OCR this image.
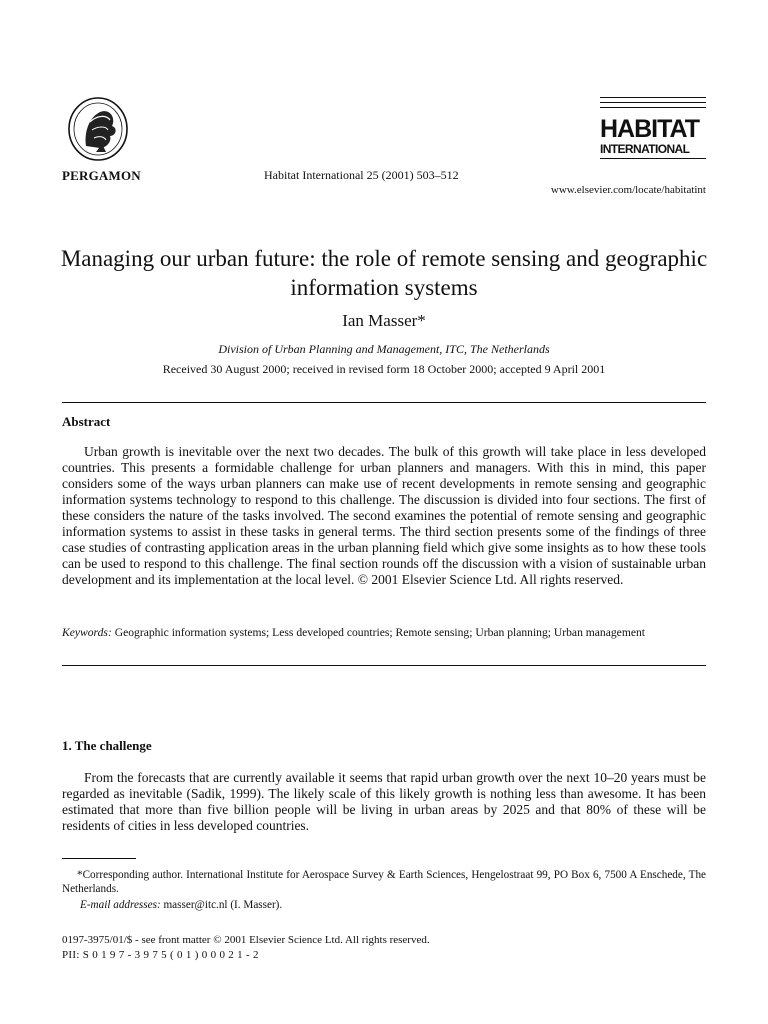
PERGAMON	Habitat International 25 (2001) 503–512
HABITAT
INTERNATIONAL
www.elsevier.com/locate/habitatint
Managing our urban future: the role of remote sensing and geographic information systems
Ian Masser*
Division of Urban Planning and Management, ITC, The Netherlands
Received 30 August 2000; received in revised form 18 October 2000; accepted 9 April 2001
Abstract
Urban growth is inevitable over the next two decades. The bulk of this growth will take place in less developed countries. This presents a formidable challenge for urban planners and managers. With this in mind, this paper considers some of the ways urban planners can make use of recent developments in remote sensing and geographic information systems technology to respond to this challenge. The discussion is divided into four sections. The first of these considers the nature of the tasks involved. The second examines the potential of remote sensing and geographic information systems to assist in these tasks in general terms. The third section presents some of the findings of three case studies of contrasting application areas in the urban planning field which give some insights as to how these tools can be used to respond to this challenge. The final section rounds off the discussion with a vision of sustainable urban development and its implementation at the local level. © 2001 Elsevier Science Ltd. All rights reserved.
Keywords: Geographic information systems; Less developed countries; Remote sensing; Urban planning; Urban management
1. The challenge
From the forecasts that are currently available it seems that rapid urban growth over the next 10–20 years must be regarded as inevitable (Sadik, 1999). The likely scale of this likely growth is nothing less than awesome. It has been estimated that more than five billion people will be living in urban areas by 2025 and that 80% of these will be residents of cities in less developed countries.
*Corresponding author. International Institute for Aerospace Survey & Earth Sciences, Hengelostraat 99, PO Box 6, 7500 A Enschede, The Netherlands.
E-mail addresses: masser@itc.nl (I. Masser).
0197-3975/01/$ - see front matter © 2001 Elsevier Science Ltd. All rights reserved.
PII: S 0 1 9 7 - 3 9 7 5 ( 0 1 ) 0 0 0 2 1 - 2
